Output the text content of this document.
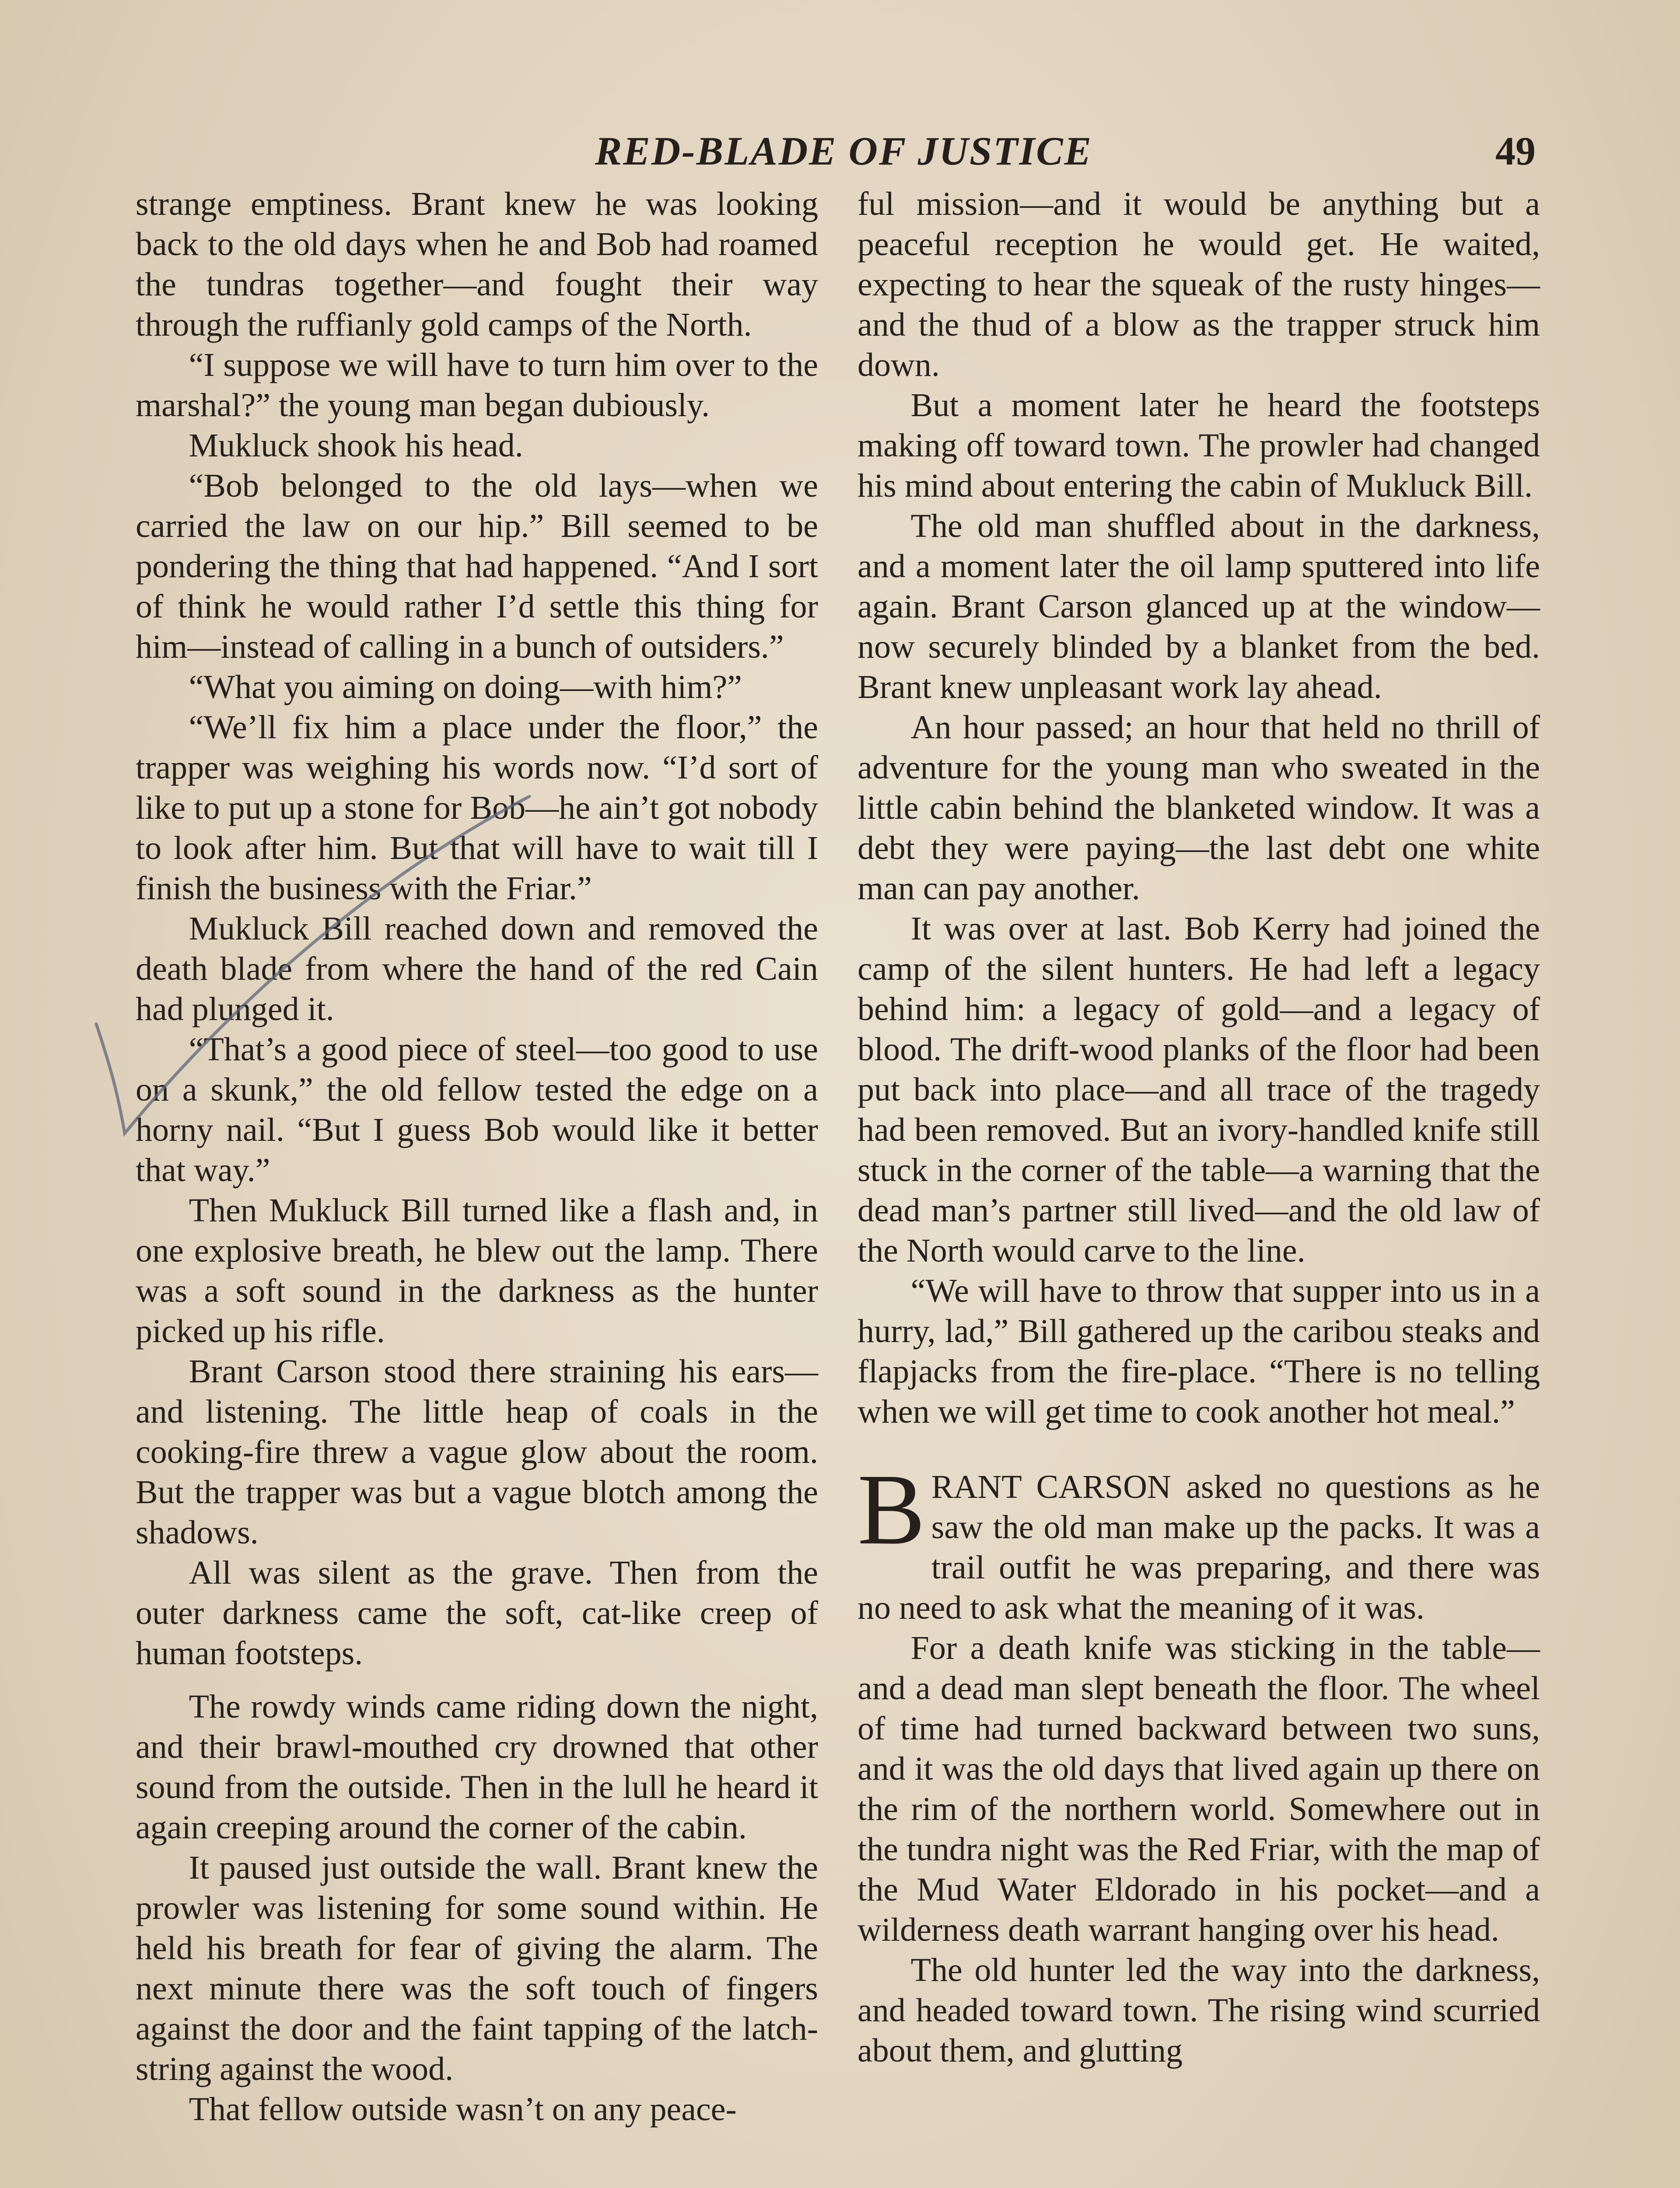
RED-BLADE OF JUSTICE	49

strange emptiness. Brant knew he was looking back to the old days when he and Bob had roamed the tundras together—and fought their way through the ruffianly gold camps of the North.

“I suppose we will have to turn him over to the marshal?” the young man began dubiously.

Mukluck shook his head.

“Bob belonged to the old lays—when we carried the law on our hip.” Bill seemed to be pondering the thing that had happened. “And I sort of think he would rather I’d settle this thing for him—instead of calling in a bunch of outsiders.”

“What you aiming on doing—with him?”

“We’ll fix him a place under the floor,” the trapper was weighing his words now. “I’d sort of like to put up a stone for Bob—he ain’t got nobody to look after him. But that will have to wait till I finish the business with the Friar.”

Mukluck Bill reached down and removed the death blade from where the hand of the red Cain had plunged it.

“That’s a good piece of steel—too good to use on a skunk,” the old fellow tested the edge on a horny nail. “But I guess Bob would like it better that way.”

Then Mukluck Bill turned like a flash and, in one explosive breath, he blew out the lamp. There was a soft sound in the darkness as the hunter picked up his rifle.

Brant Carson stood there straining his ears—and listening. The little heap of coals in the cooking-fire threw a vague glow about the room. But the trapper was but a vague blotch among the shadows.

All was silent as the grave. Then from the outer darkness came the soft, cat-like creep of human footsteps.

The rowdy winds came riding down the night, and their brawl-mouthed cry drowned that other sound from the outside. Then in the lull he heard it again creeping around the corner of the cabin.

It paused just outside the wall. Brant knew the prowler was listening for some sound within. He held his breath for fear of giving the alarm. The next minute there was the soft touch of fingers against the door and the faint tapping of the latch-string against the wood.

That fellow outside wasn’t on any peace-

ful mission—and it would be anything but a peaceful reception he would get. He waited, expecting to hear the squeak of the rusty hinges—and the thud of a blow as the trapper struck him down.

But a moment later he heard the footsteps making off toward town. The prowler had changed his mind about entering the cabin of Mukluck Bill.

The old man shuffled about in the darkness, and a moment later the oil lamp sputtered into life again. Brant Carson glanced up at the window—now securely blinded by a blanket from the bed. Brant knew unpleasant work lay ahead.

An hour passed; an hour that held no thrill of adventure for the young man who sweated in the little cabin behind the blanketed window. It was a debt they were paying—the last debt one white man can pay another.

It was over at last. Bob Kerry had joined the camp of the silent hunters. He had left a legacy behind him: a legacy of gold—and a legacy of blood. The drift-wood planks of the floor had been put back into place—and all trace of the tragedy had been removed. But an ivory-handled knife still stuck in the corner of the table—a warning that the dead man’s partner still lived—and the old law of the North would carve to the line.

“We will have to throw that supper into us in a hurry, lad,” Bill gathered up the caribou steaks and flapjacks from the fire-place. “There is no telling when we will get time to cook another hot meal.”

BRANT CARSON asked no questions as he saw the old man make up the packs. It was a trail outfit he was preparing, and there was no need to ask what the meaning of it was.

For a death knife was sticking in the table—and a dead man slept beneath the floor. The wheel of time had turned backward between two suns, and it was the old days that lived again up there on the rim of the northern world. Somewhere out in the tundra night was the Red Friar, with the map of the Mud Water Eldorado in his pocket—and a wilderness death warrant hanging over his head.

The old hunter led the way into the darkness, and headed toward town. The rising wind scurried about them, and glutting
